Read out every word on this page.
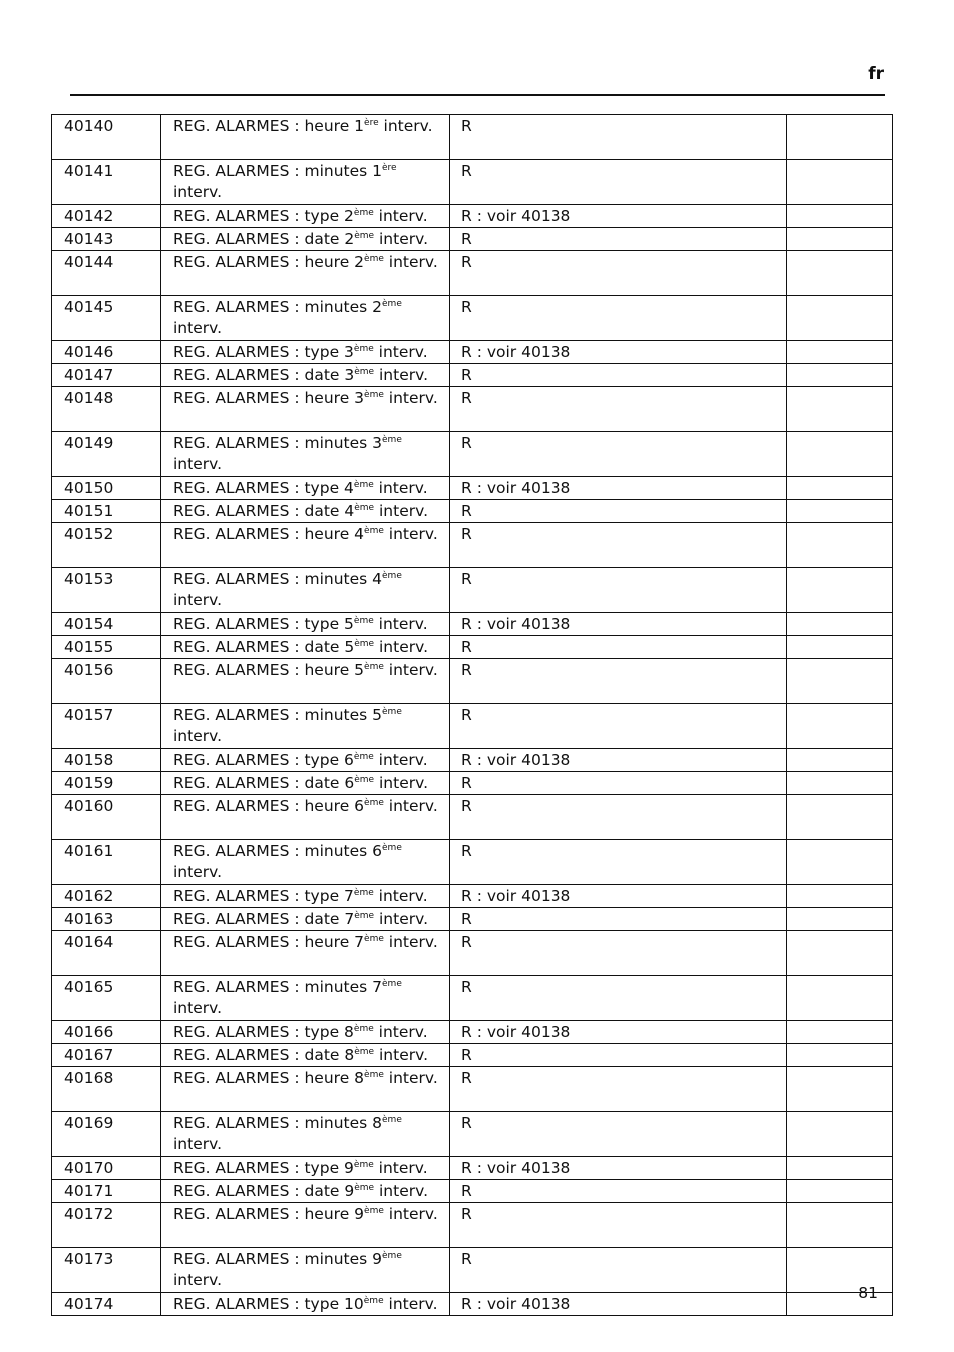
fr
40140	REG. ALARMES : heure 1ère interv.	R	
40141	REG. ALARMES : minutes 1ère interv.	R	
40142	REG. ALARMES : type 2ème interv.	R : voir 40138	
40143	REG. ALARMES : date 2ème interv.	R	
40144	REG. ALARMES : heure 2ème interv.	R	
40145	REG. ALARMES : minutes 2ème interv.	R	
40146	REG. ALARMES : type 3ème interv.	R : voir 40138	
40147	REG. ALARMES : date 3ème interv.	R	
40148	REG. ALARMES : heure 3ème interv.	R	
40149	REG. ALARMES : minutes 3ème interv.	R	
40150	REG. ALARMES : type 4ème interv.	R : voir 40138	
40151	REG. ALARMES : date 4ème interv.	R	
40152	REG. ALARMES : heure 4ème interv.	R	
40153	REG. ALARMES : minutes 4ème interv.	R	
40154	REG. ALARMES : type 5ème interv.	R : voir 40138	
40155	REG. ALARMES : date 5ème interv.	R	
40156	REG. ALARMES : heure 5ème interv.	R	
40157	REG. ALARMES : minutes 5ème interv.	R	
40158	REG. ALARMES : type 6ème interv.	R : voir 40138	
40159	REG. ALARMES : date 6ème interv.	R	
40160	REG. ALARMES : heure 6ème interv.	R	
40161	REG. ALARMES : minutes 6ème interv.	R	
40162	REG. ALARMES : type 7ème interv.	R : voir 40138	
40163	REG. ALARMES : date 7ème interv.	R	
40164	REG. ALARMES : heure 7ème interv.	R	
40165	REG. ALARMES : minutes 7ème interv.	R	
40166	REG. ALARMES : type 8ème interv.	R : voir 40138	
40167	REG. ALARMES : date 8ème interv.	R	
40168	REG. ALARMES : heure 8ème interv.	R	
40169	REG. ALARMES : minutes 8ème interv.	R	
40170	REG. ALARMES : type 9ème interv.	R : voir 40138	
40171	REG. ALARMES : date 9ème interv.	R	
40172	REG. ALARMES : heure 9ème interv.	R	
40173	REG. ALARMES : minutes 9ème interv.	R	
40174	REG. ALARMES : type 10ème interv.	R : voir 40138	
81
